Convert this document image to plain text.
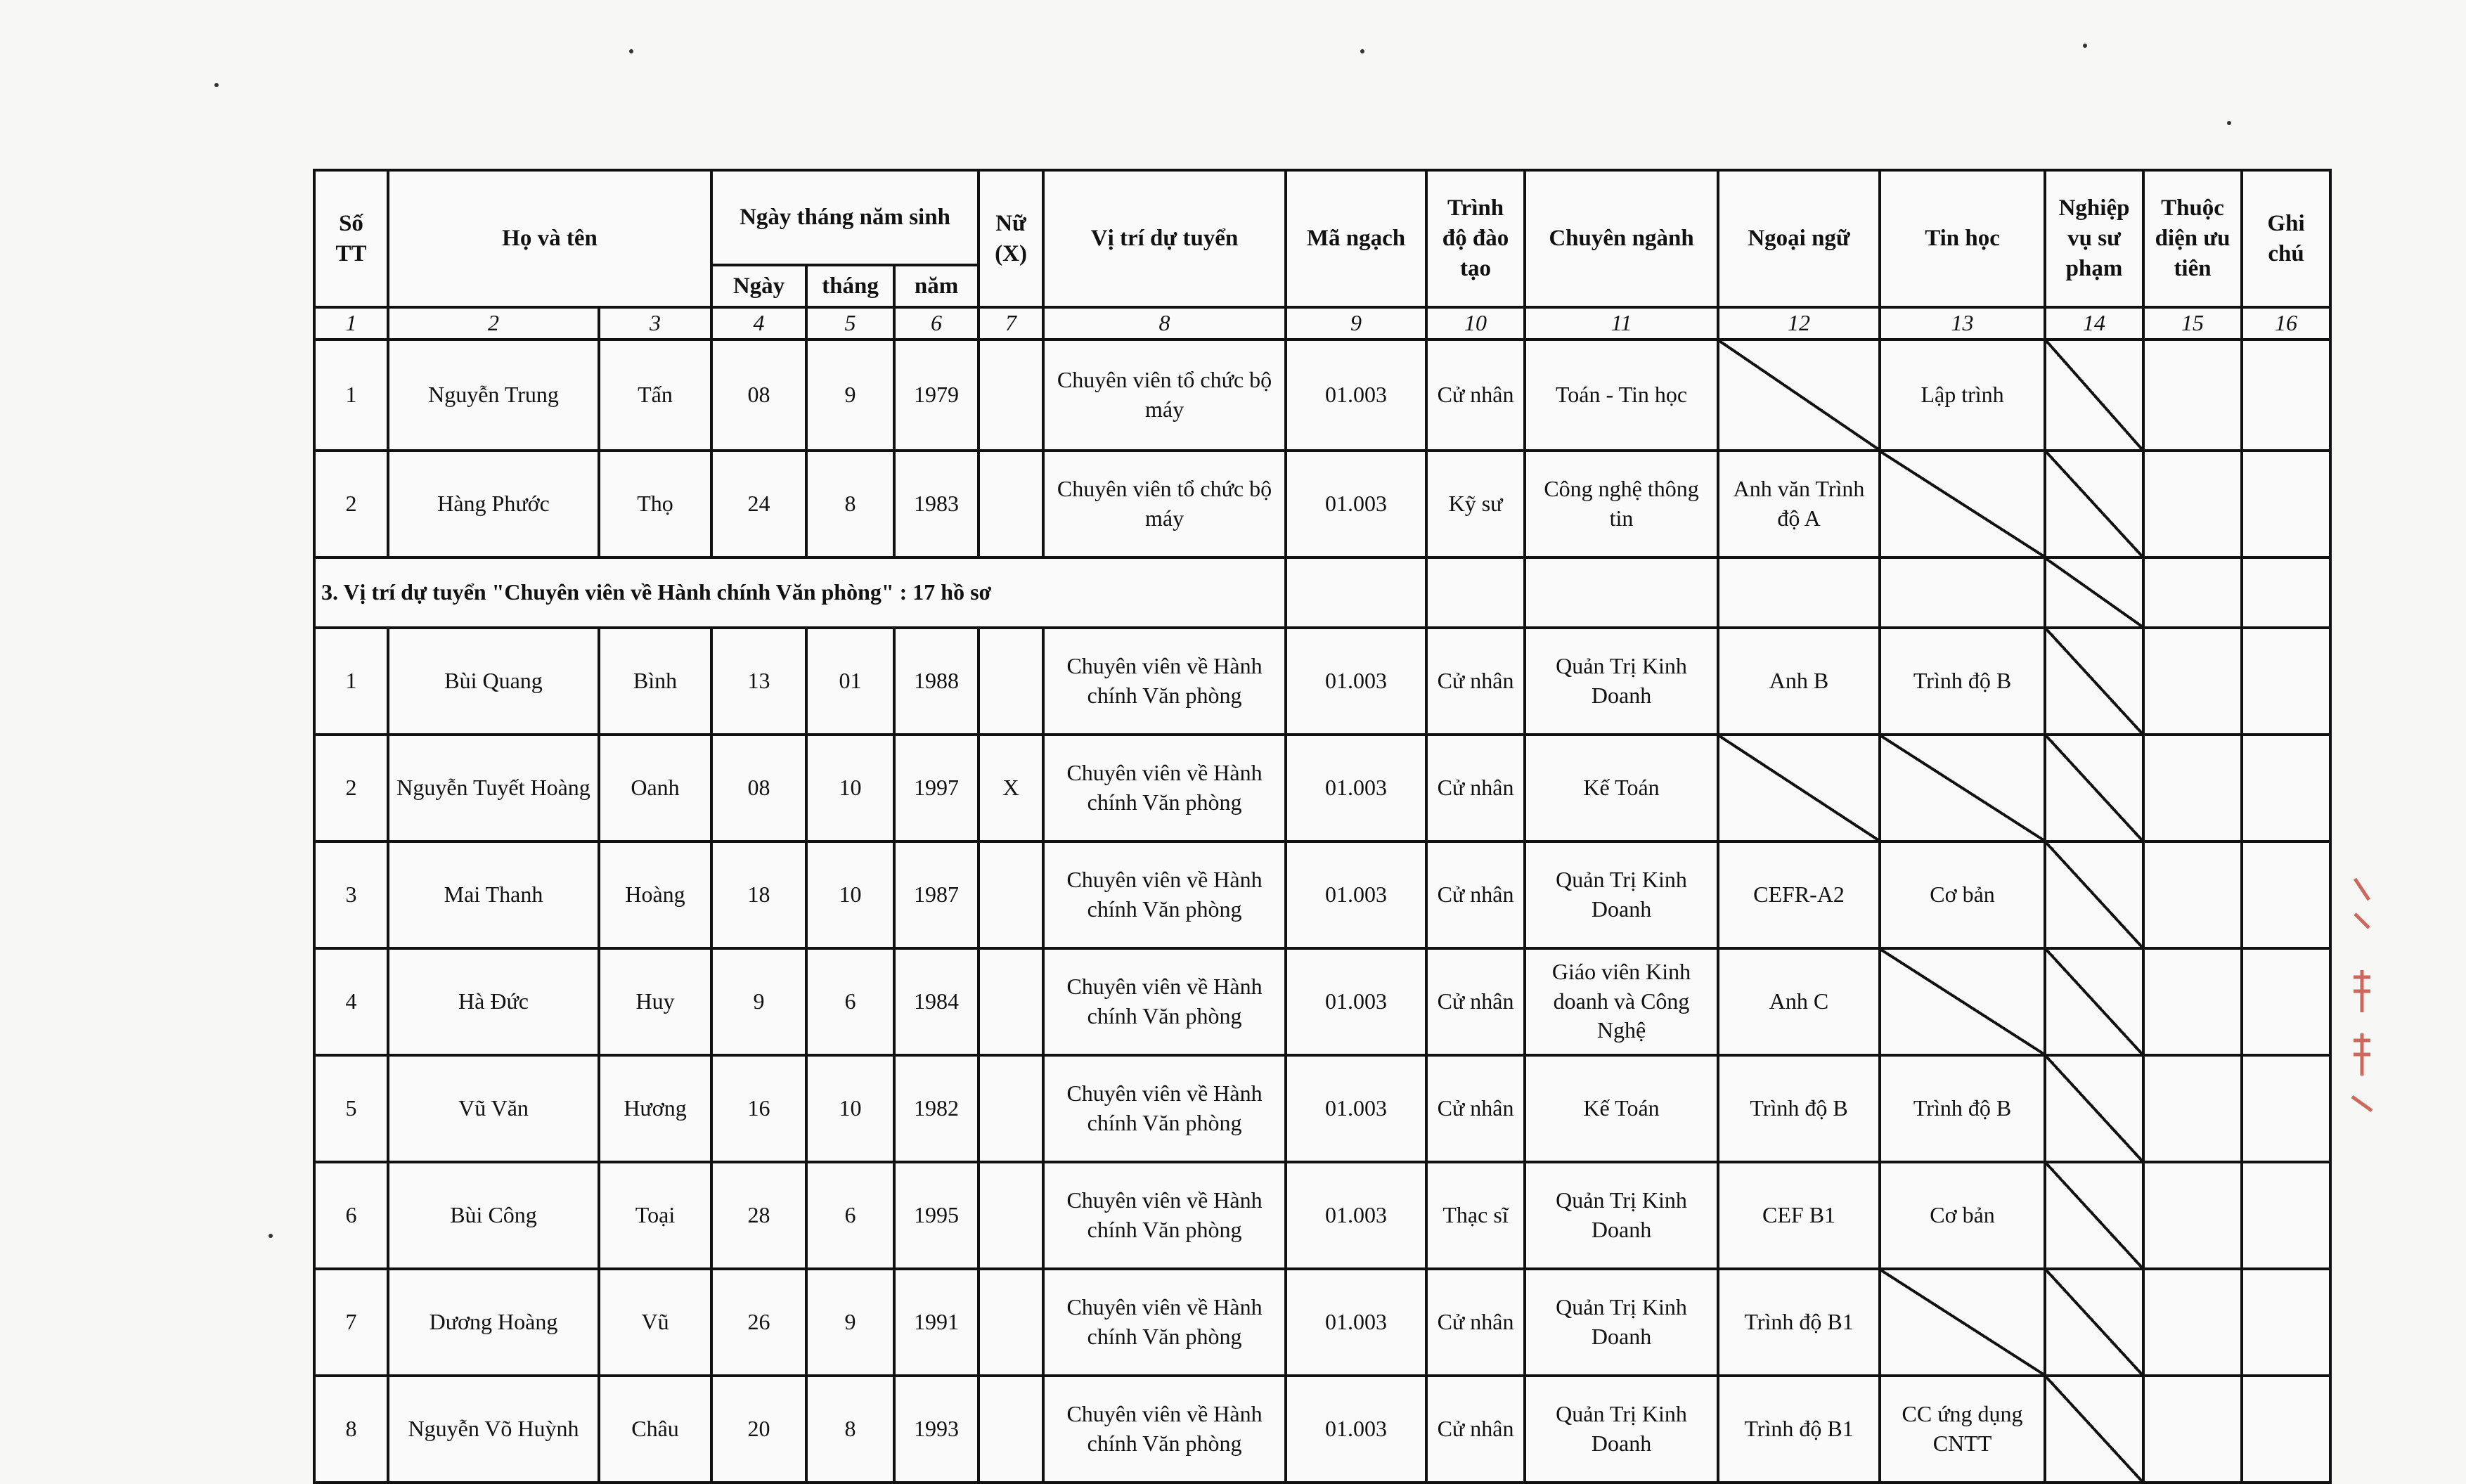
Số TT	Họ và tên		Ngày tháng năm sinh			Nữ (X)	Vị trí dự tuyển	Mã ngạch	Trình độ đào tạo	Chuyên ngành	Ngoại ngữ	Tin học	Nghiệp vụ sư phạm	Thuộc diện ưu tiên	Ghi chú
			Ngày	tháng	năm										
1	2	3	4	5	6	7	8	9	10	11	12	13	14	15	16
1	Nguyễn Trung	Tấn	08	9	1979		Chuyên viên tổ chức bộ máy	01.003	Cử nhân	Toán - Tin học		Lập trình			
2	Hàng Phước	Thọ	24	8	1983		Chuyên viên tổ chức bộ máy	01.003	Kỹ sư	Công nghệ thông tin	Anh văn Trình độ A				
3. Vị trí dự tuyển "Chuyên viên về Hành chính Văn phòng" : 17 hồ sơ															
1	Bùi Quang	Bình	13	01	1988		Chuyên viên về Hành chính Văn phòng	01.003	Cử nhân	Quản Trị Kinh Doanh	Anh B	Trình độ B			
2	Nguyễn Tuyết Hoàng	Oanh	08	10	1997	X	Chuyên viên về Hành chính Văn phòng	01.003	Cử nhân	Kế Toán					
3	Mai Thanh	Hoàng	18	10	1987		Chuyên viên về Hành chính Văn phòng	01.003	Cử nhân	Quản Trị Kinh Doanh	CEFR-A2	Cơ bản			
4	Hà Đức	Huy	9	6	1984		Chuyên viên về Hành chính Văn phòng	01.003	Cử nhân	Giáo viên Kinh doanh và Công Nghệ	Anh C				
5	Vũ Văn	Hương	16	10	1982		Chuyên viên về Hành chính Văn phòng	01.003	Cử nhân	Kế Toán	Trình độ B	Trình độ B			
6	Bùi Công	Toại	28	6	1995		Chuyên viên về Hành chính Văn phòng	01.003	Thạc sĩ	Quản Trị Kinh Doanh	CEF B1	Cơ bản			
7	Dương Hoàng	Vũ	26	9	1991		Chuyên viên về Hành chính Văn phòng	01.003	Cử nhân	Quản Trị Kinh Doanh	Trình độ B1				
8	Nguyễn Võ Huỳnh	Châu	20	8	1993		Chuyên viên về Hành chính Văn phòng	01.003	Cử nhân	Quản Trị Kinh Doanh	Trình độ B1	CC ứng dụng CNTT			
